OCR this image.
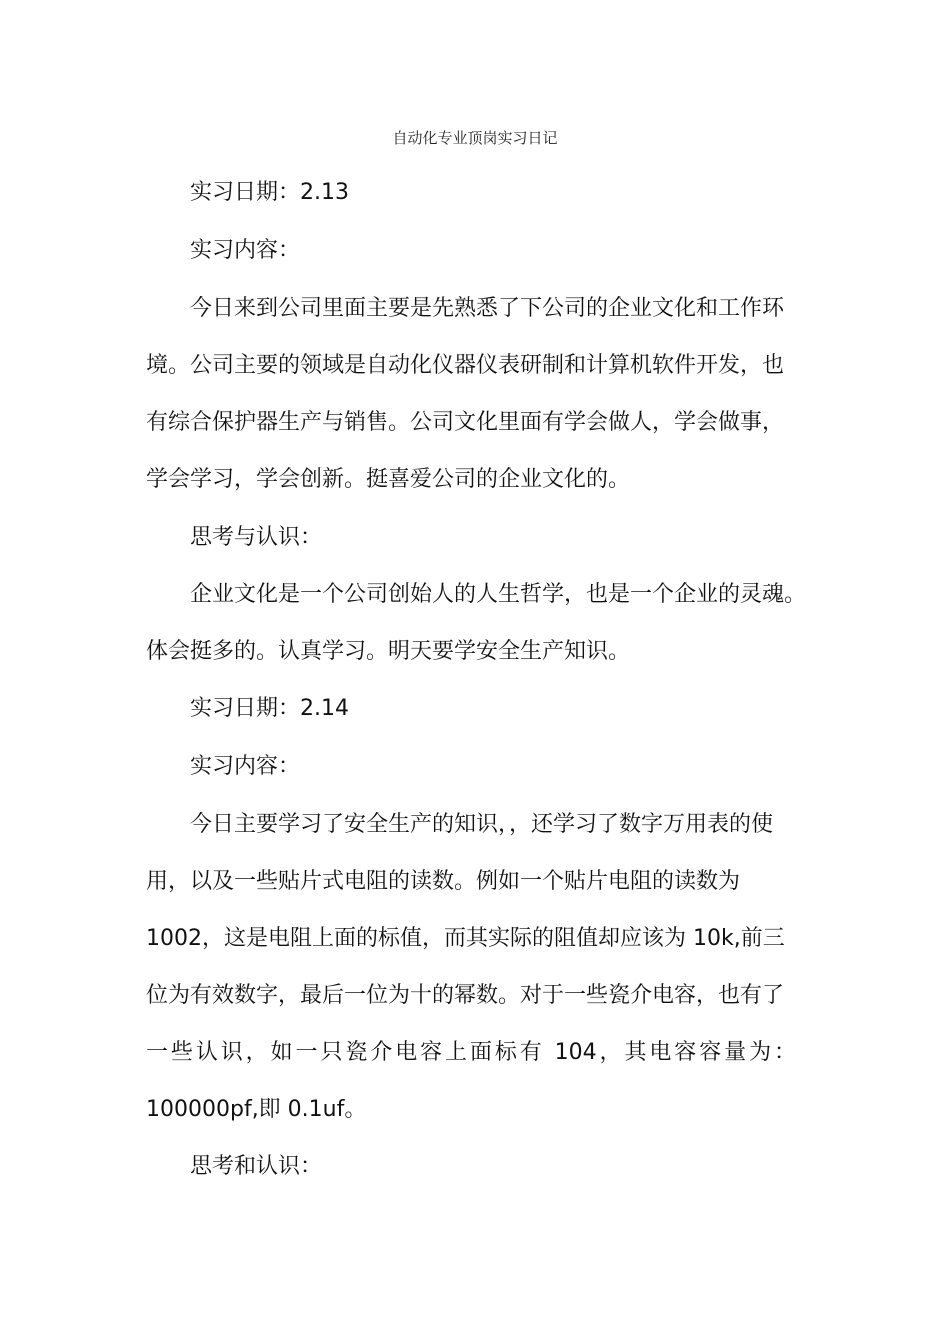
自动化专业顶岗实习日记
实习日期：2.13
实习内容：
今日来到公司里面主要是先熟悉了下公司的企业文化和工作环
境。公司主要的领域是自动化仪器仪表研制和计算机软件开发，也
有综合保护器生产与销售。公司文化里面有学会做人，学会做事，
学会学习，学会创新。挺喜爱公司的企业文化的。
思考与认识：
企业文化是一个公司创始人的人生哲学，也是一个企业的灵魂。
体会挺多的。认真学习。明天要学安全生产知识。
实习日期：2.14
实习内容：
今日主要学习了安全生产的知识，，还学习了数字万用表的使
用，以及一些贴片式电阻的读数。例如一个贴片电阻的读数为
1002，这是电阻上面的标值，而其实际的阻值却应该为 10k,前三
位为有效数字，最后一位为十的幂数。对于一些瓷介电容，也有了
一些认识，如一只瓷介电容上面标有 104，其电容容量为：
100000pf,即 0.1uf。
思考和认识：
